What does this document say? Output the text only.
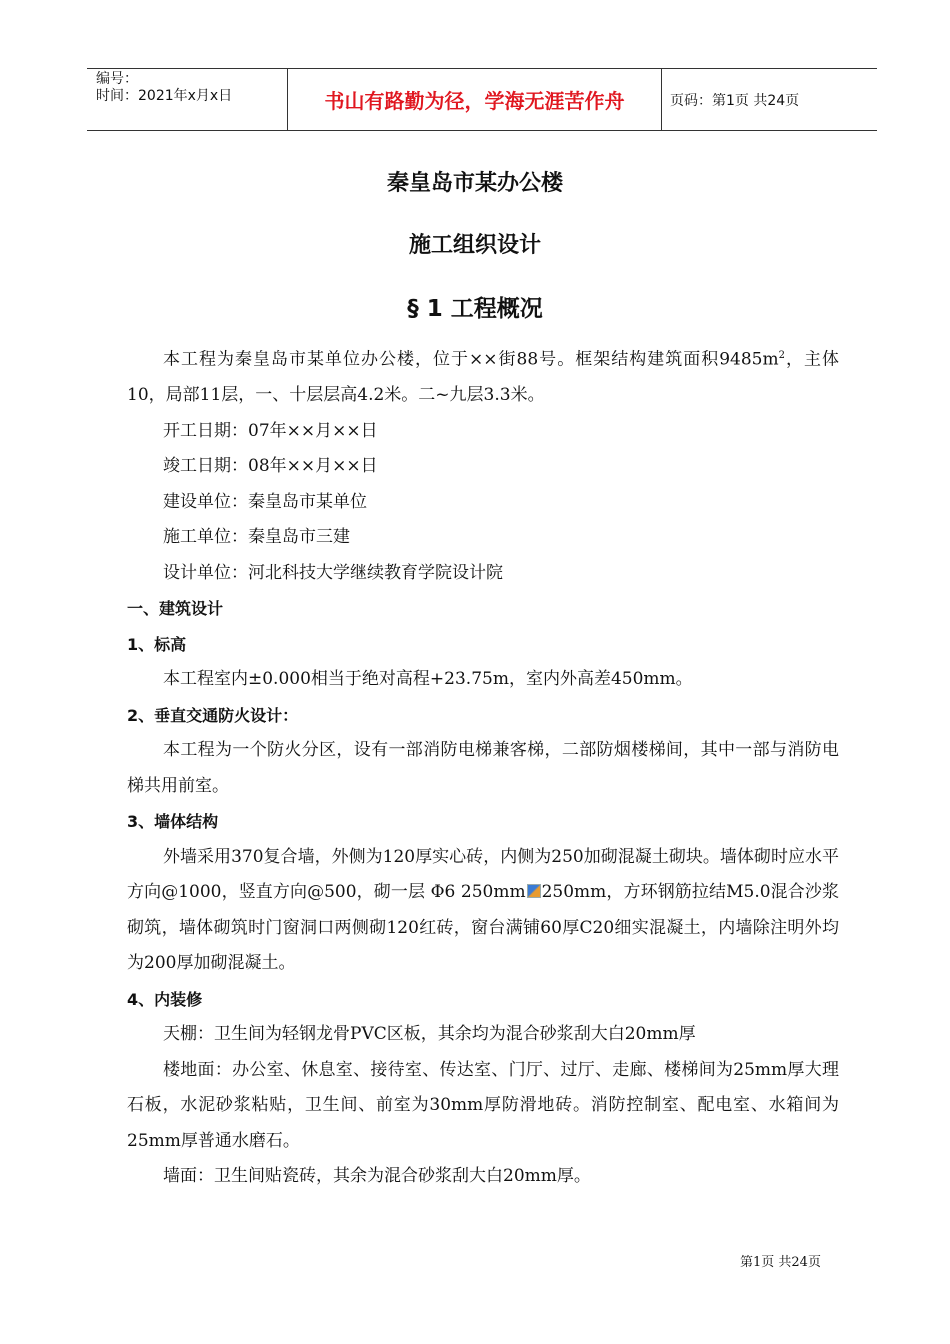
编号：
时间：2021年x月x日	书山有路勤为径，学海无涯苦作舟	页码：第1页 共24页
秦皇岛市某办公楼
施工组织设计
§ 1 工程概况

本工程为秦皇岛市某单位办公楼，位于××街88号。框架结构建筑面积$9485m^2$，主体10，局部11层，一、十层层高4.2米。二~九层3.3米。

开工日期：07年××月××日

竣工日期：08年××月××日

建设单位：秦皇岛市某单位

施工单位：秦皇岛市三建

设计单位：河北科技大学继续教育学院设计院

一、建筑设计

1、标高

本工程室内±0.000相当于绝对高程+23.75m，室内外高差450mm。

2、垂直交通防火设计：

本工程为一个防火分区，设有一部消防电梯兼客梯，二部防烟楼梯间，其中一部与消防电梯共用前室。

3、墙体结构

外墙采用370复合墙，外侧为120厚实心砖，内侧为250加砌混凝土砌块。墙体砌时应水平方向@1000，竖直方向@500，砌一层 Φ6 250mm 250mm，方环钢筋拉结M5.0混合沙浆砌筑，墙体砌筑时门窗洞口两侧砌120红砖，窗台满铺60厚C20细实混凝土，内墙除注明外均为200厚加砌混凝土。

4、内装修

天棚：卫生间为轻钢龙骨PVC区板，其余均为混合砂浆刮大白20mm厚

楼地面：办公室、休息室、接待室、传达室、门厅、过厅、走廊、楼梯间为25mm厚大理石板，水泥砂浆粘贴，卫生间、前室为30mm厚防滑地砖。消防控制室、配电室、水箱间为25mm厚普通水磨石。

墙面：卫生间贴瓷砖，其余为混合砂浆刮大白20mm厚。

第1页 共24页
